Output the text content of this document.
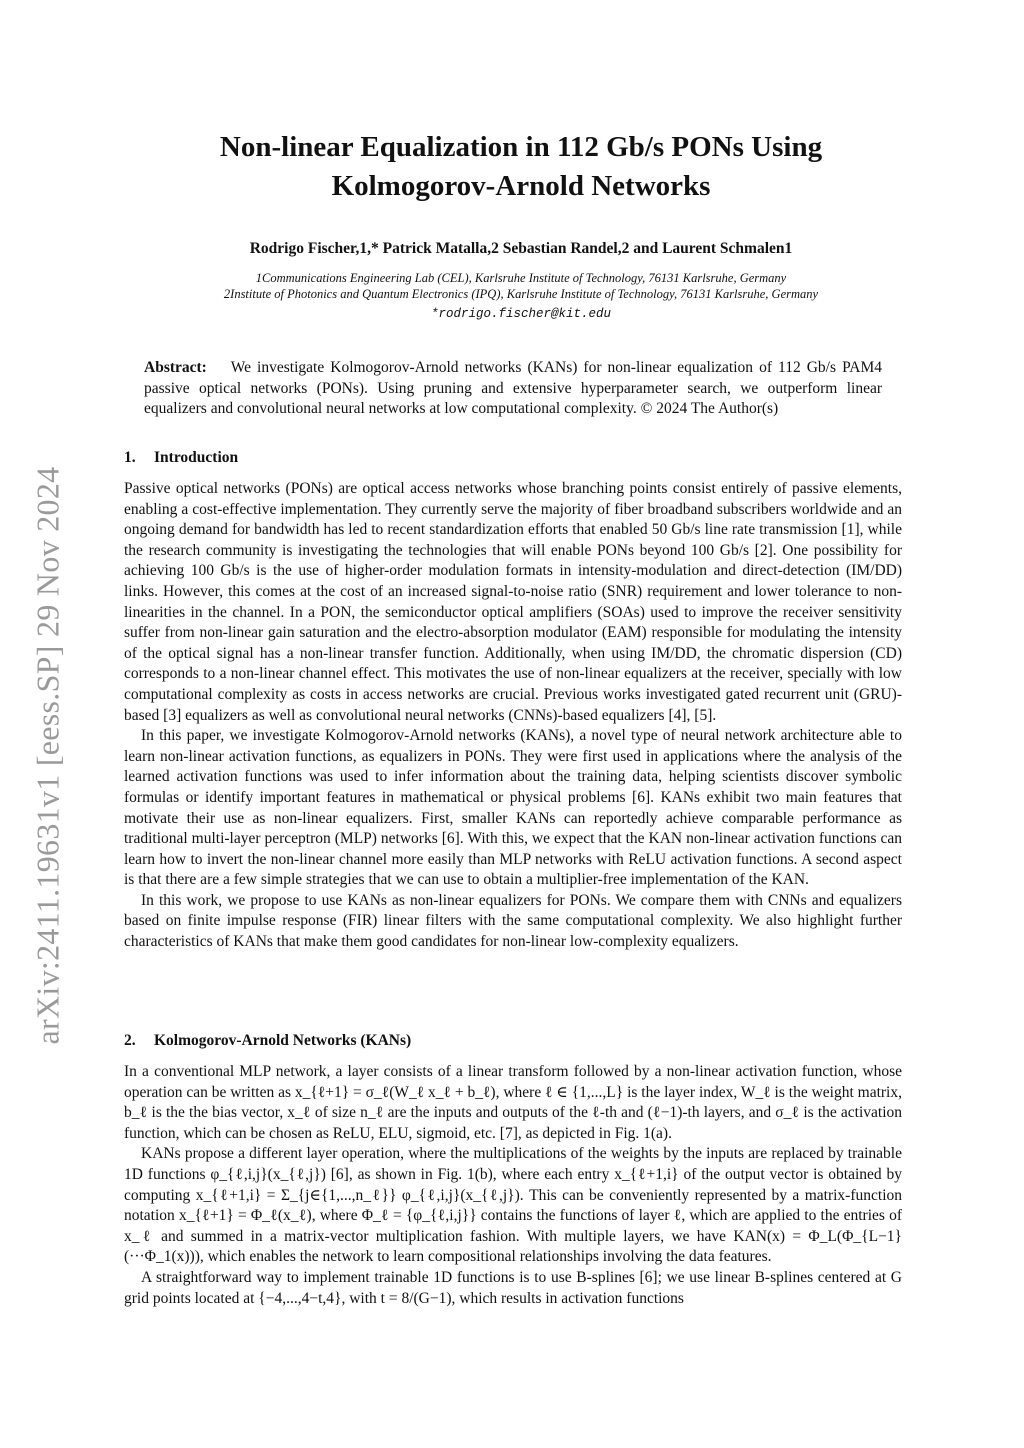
arXiv:2411.19631v1 [eess.SP] 29 Nov 2024
Non-linear Equalization in 112 Gb/s PONs Using
Kolmogorov-Arnold Networks
Rodrigo Fischer,1,* Patrick Matalla,2 Sebastian Randel,2 and Laurent Schmalen1
1Communications Engineering Lab (CEL), Karlsruhe Institute of Technology, 76131 Karlsruhe, Germany
2Institute of Photonics and Quantum Electronics (IPQ), Karlsruhe Institute of Technology, 76131 Karlsruhe, Germany
*rodrigo.fischer@kit.edu
Abstract: We investigate Kolmogorov-Arnold networks (KANs) for non-linear equalization of 112 Gb/s PAM4 passive optical networks (PONs). Using pruning and extensive hyperparameter search, we outperform linear equalizers and convolutional neural networks at low computational complexity. © 2024 The Author(s)
1. Introduction

Passive optical networks (PONs) are optical access networks whose branching points consist entirely of passive elements, enabling a cost-effective implementation. They currently serve the majority of fiber broadband subscribers worldwide and an ongoing demand for bandwidth has led to recent standardization efforts that enabled 50 Gb/s line rate transmission [1], while the research community is investigating the technologies that will enable PONs beyond 100 Gb/s [2]. One possibility for achieving 100 Gb/s is the use of higher-order modulation formats in intensity-modulation and direct-detection (IM/DD) links. However, this comes at the cost of an increased signal-to-noise ratio (SNR) requirement and lower tolerance to non-linearities in the channel. In a PON, the semiconductor optical amplifiers (SOAs) used to improve the receiver sensitivity suffer from non-linear gain saturation and the electro-absorption modulator (EAM) responsible for modulating the intensity of the optical signal has a non-linear transfer function. Additionally, when using IM/DD, the chromatic dispersion (CD) corresponds to a non-linear channel effect. This motivates the use of non-linear equalizers at the receiver, specially with low computational complexity as costs in access networks are crucial. Previous works investigated gated recurrent unit (GRU)-based [3] equalizers as well as convolutional neural networks (CNNs)-based equalizers [4], [5].

In this paper, we investigate Kolmogorov-Arnold networks (KANs), a novel type of neural network architecture able to learn non-linear activation functions, as equalizers in PONs. They were first used in applications where the analysis of the learned activation functions was used to infer information about the training data, helping scientists discover symbolic formulas or identify important features in mathematical or physical problems [6]. KANs exhibit two main features that motivate their use as non-linear equalizers. First, smaller KANs can reportedly achieve comparable performance as traditional multi-layer perceptron (MLP) networks [6]. With this, we expect that the KAN non-linear activation functions can learn how to invert the non-linear channel more easily than MLP networks with ReLU activation functions. A second aspect is that there are a few simple strategies that we can use to obtain a multiplier-free implementation of the KAN.

In this work, we propose to use KANs as non-linear equalizers for PONs. We compare them with CNNs and equalizers based on finite impulse response (FIR) linear filters with the same computational complexity. We also highlight further characteristics of KANs that make them good candidates for non-linear low-complexity equalizers.

2. Kolmogorov-Arnold Networks (KANs)

In a conventional MLP network, a layer consists of a linear transform followed by a non-linear activation function, whose operation can be written as x_{ℓ+1} = σ_ℓ(W_ℓ x_ℓ + b_ℓ), where ℓ ∈ {1,...,L} is the layer index, W_ℓ is the weight matrix, b_ℓ is the the bias vector, x_ℓ of size n_ℓ are the inputs and outputs of the ℓ-th and (ℓ−1)-th layers, and σ_ℓ is the activation function, which can be chosen as ReLU, ELU, sigmoid, etc. [7], as depicted in Fig. 1(a).

KANs propose a different layer operation, where the multiplications of the weights by the inputs are replaced by trainable 1D functions φ_{ℓ,i,j}(x_{ℓ,j}) [6], as shown in Fig. 1(b), where each entry x_{ℓ+1,i} of the output vector is obtained by computing x_{ℓ+1,i} = Σ_{j∈{1,...,n_ℓ}} φ_{ℓ,i,j}(x_{ℓ,j}). This can be conveniently represented by a matrix-function notation x_{ℓ+1} = Φ_ℓ(x_ℓ), where Φ_ℓ = {φ_{ℓ,i,j}} contains the functions of layer ℓ, which are applied to the entries of x_ℓ and summed in a matrix-vector multiplication fashion. With multiple layers, we have KAN(x) = Φ_L(Φ_{L−1}(···Φ_1(x))), which enables the network to learn compositional relationships involving the data features.

A straightforward way to implement trainable 1D functions is to use B-splines [6]; we use linear B-splines centered at G grid points located at {−4,...,4−t,4}, with t = 8/(G−1), which results in activation functions
